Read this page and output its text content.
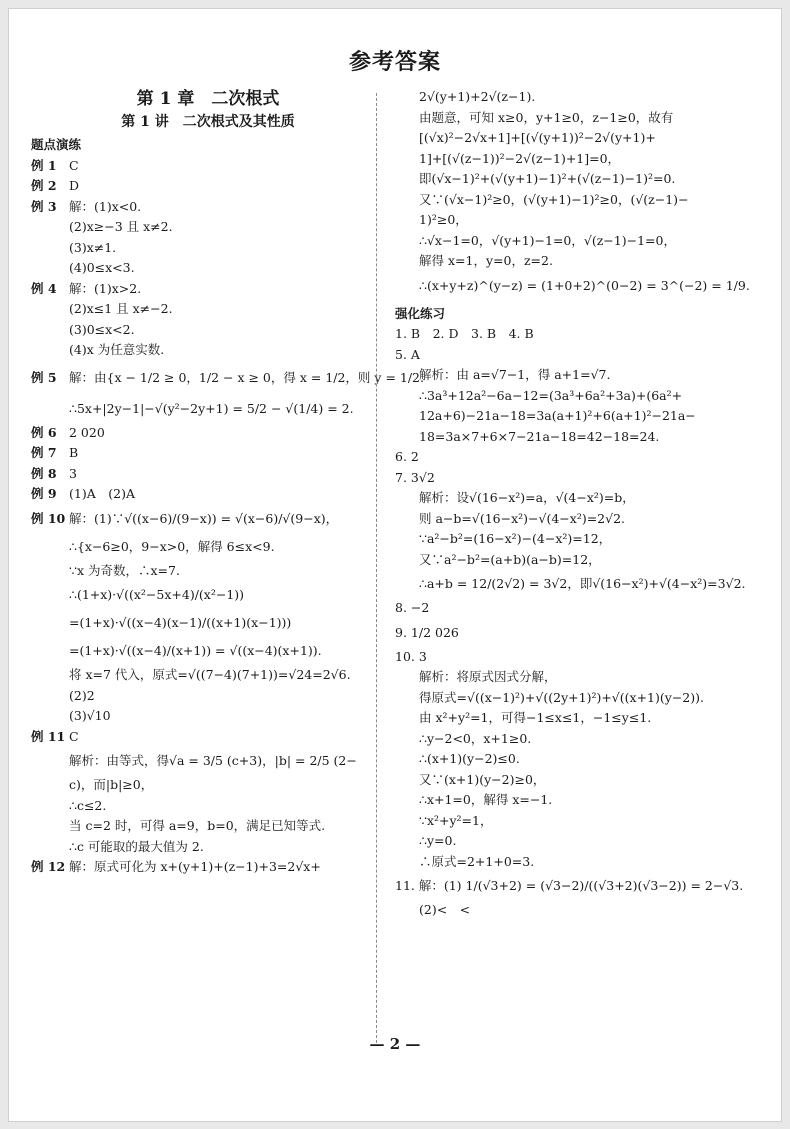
参考答案
第 1 章　二次根式
第 1 讲　二次根式及其性质
题点演练
例 1 C
例 2 D
例 3 解：(1)x<0.
(2)x≥−3 且 x≠2.
(3)x≠1.
(4)0≤x<3.
例 4 解：(1)x>2.
(2)x≤1 且 x≠−2.
(3)0≤x<2.
(4)x 为任意实数.
例 5 解：由{x − 1/2 ≥ 0，1/2 − x ≥ 0，得 x = 1/2，则 y = 1/2.
∴5x+|2y−1|−√(y²−2y+1) = 5/2 − √(1/4) = 2.
例 6 2 020
例 7 B
例 8 3
例 9 (1)A　(2)A
例 10 解：(1)∵√((x−6)/(9−x)) = √(x−6)/√(9−x)，
∴{x−6≥0，9−x>0，解得 6≤x<9.
∵x 为奇数，∴x=7.
∴(1+x)·√((x²−5x+4)/(x²−1))
=(1+x)·√((x−4)(x−1)/((x+1)(x−1)))
=(1+x)·√((x−4)/(x+1)) = √((x−4)(x+1)).
将 x=7 代入，原式=√((7−4)(7+1))=√24=2√6.
(2)2
(3)√10
例 11 C
解析：由等式，得√a = 3/5 (c+3)，|b| = 2/5 (2−
c)，而|b|≥0，
∴c≤2.
当 c=2 时，可得 a=9，b=0，满足已知等式.
∴c 可能取的最大值为 2.
例 12 解：原式可化为 x+(y+1)+(z−1)+3=2√x+
2√(y+1)+2√(z−1).
由题意，可知 x≥0，y+1≥0，z−1≥0，故有
[(√x)²−2√x+1]+[(√(y+1))²−2√(y+1)+
1]+[(√(z−1))²−2√(z−1)+1]=0，
即(√x−1)²+(√(y+1)−1)²+(√(z−1)−1)²=0.
又∵(√x−1)²≥0，(√(y+1)−1)²≥0，(√(z−1)−
1)²≥0，
∴√x−1=0，√(y+1)−1=0，√(z−1)−1=0，
解得 x=1，y=0，z=2.
∴(x+y+z)^(y−z) = (1+0+2)^(0−2) = 3^(−2) = 1/9.
强化练习
1. B　2. D　3. B　4. B
5. A
解析：由 a=√7−1，得 a+1=√7.
∴3a³+12a²−6a−12=(3a³+6a²+3a)+(6a²+
12a+6)−21a−18=3a(a+1)²+6(a+1)²−21a−
18=3a×7+6×7−21a−18=42−18=24.
6. 2
7. 3√2
解析：设√(16−x²)=a，√(4−x²)=b，
则 a−b=√(16−x²)−√(4−x²)=2√2.
∵a²−b²=(16−x²)−(4−x²)=12，
又∵a²−b²=(a+b)(a−b)=12，
∴a+b = 12/(2√2) = 3√2，即√(16−x²)+√(4−x²)=3√2.
8. −2
9. 1/2 026
10. 3
解析：将原式因式分解，
得原式=√((x−1)²)+√((2y+1)²)+√((x+1)(y−2)).
由 x²+y²=1，可得−1≤x≤1，−1≤y≤1.
∴y−2<0，x+1≥0.
∴(x+1)(y−2)≤0.
又∵(x+1)(y−2)≥0，
∴x+1=0，解得 x=−1.
∵x²+y²=1，
∴y=0.
∴原式=2+1+0=3.
11. 解：(1) 1/(√3+2) = (√3−2)/((√3+2)(√3−2)) = 2−√3.
(2)<　<
— 2 —
